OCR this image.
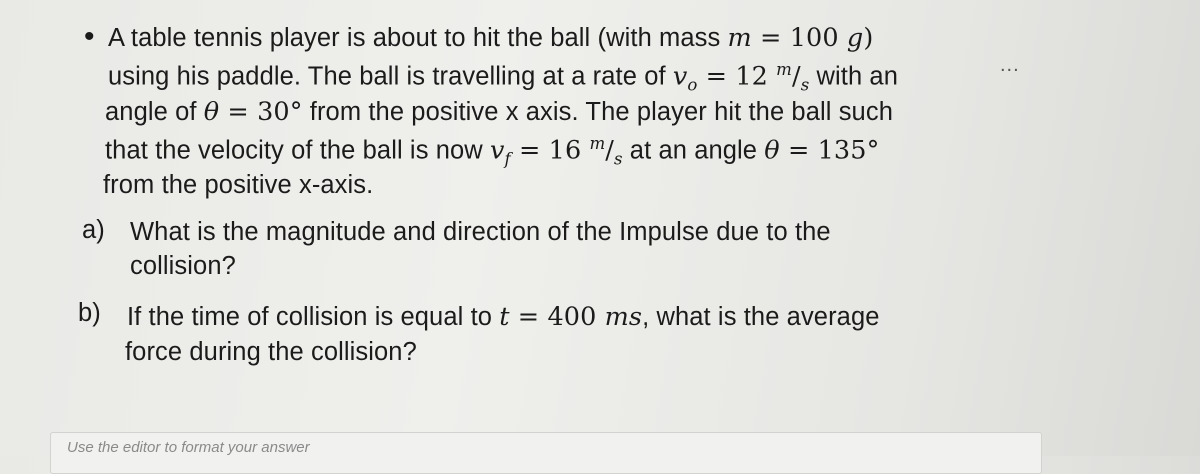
• A table tennis player is about to hit the ball (with mass m = 100 g)
...
using his paddle. The ball is travelling at a rate of $v_o = 12$ $^m/_s$ with an
angle of θ = 30° from the positive x axis. The player hit the ball such
that the velocity of the ball is now $v_f = 16$ $^m/_s$ at an angle θ = 135°
from the positive x-axis.
a) What is the magnitude and direction of the Impulse due to the
collision?
b) If the time of collision is equal to t = 400 ms, what is the average
force during the collision?
Use the editor to format your answer
